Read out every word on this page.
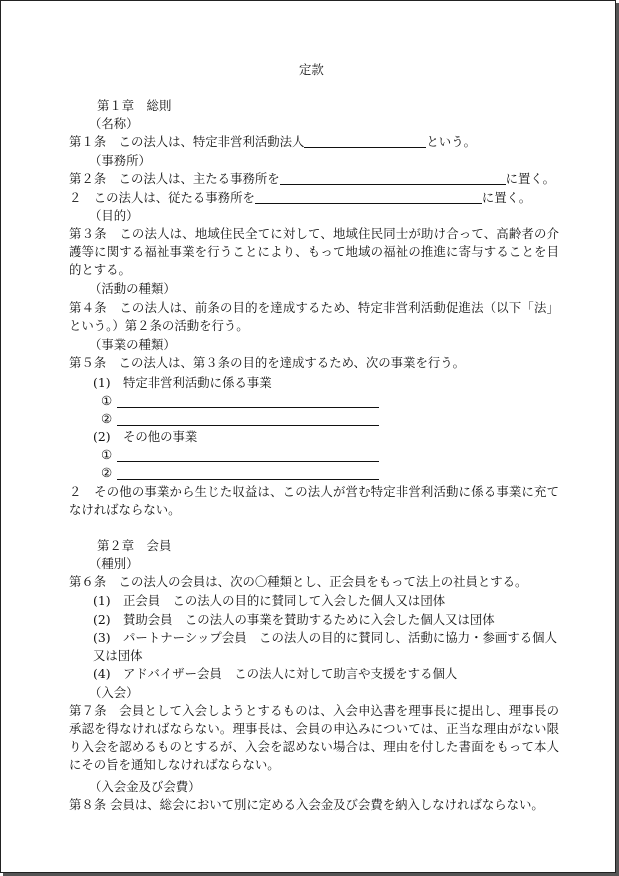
定款
第１章　総則
（名称）
第１条　この法人は、特定非営利活動法人	という。
（事務所）
第２条　この法人は、主たる事務所を	に置く。
２　この法人は、従たる事務所を	に置く。
（目的）
第３条　この法人は、地域住民全てに対して、地域住民同士が助け合って、高齢者の介護等に関する福祉事業を行うことにより、もって地域の福祉の推進に寄与することを目的とする。
（活動の種類）
第４条　この法人は、前条の目的を達成するため、特定非営利活動促進法（以下「法」という。）第２条の活動を行う。
（事業の種類）
第５条　この法人は、第３条の目的を達成するため、次の事業を行う。
(1)　特定非営利活動に係る事業
①
②
(2)　その他の事業
①
②
２　その他の事業から生じた収益は、この法人が営む特定非営利活動に係る事業に充てなければならない。
第２章　会員
（種別）
第６条　この法人の会員は、次の〇種類とし、正会員をもって法上の社員とする。
(1)　正会員　この法人の目的に賛同して入会した個人又は団体
(2)　賛助会員　この法人の事業を賛助するために入会した個人又は団体
(3)　パートナーシップ会員　この法人の目的に賛同し、活動に協力・参画する個人又は団体
(4)　アドバイザー会員　この法人に対して助言や支援をする個人
（入会）
第７条　会員として入会しようとするものは、入会申込書を理事長に提出し、理事長の承認を得なければならない。理事長は、会員の申込みについては、正当な理由がない限り入会を認めるものとするが、入会を認めない場合は、理由を付した書面をもって本人にその旨を通知しなければならない。
（入会金及び会費）
第８条 会員は、総会において別に定める入会金及び会費を納入しなければならない。
